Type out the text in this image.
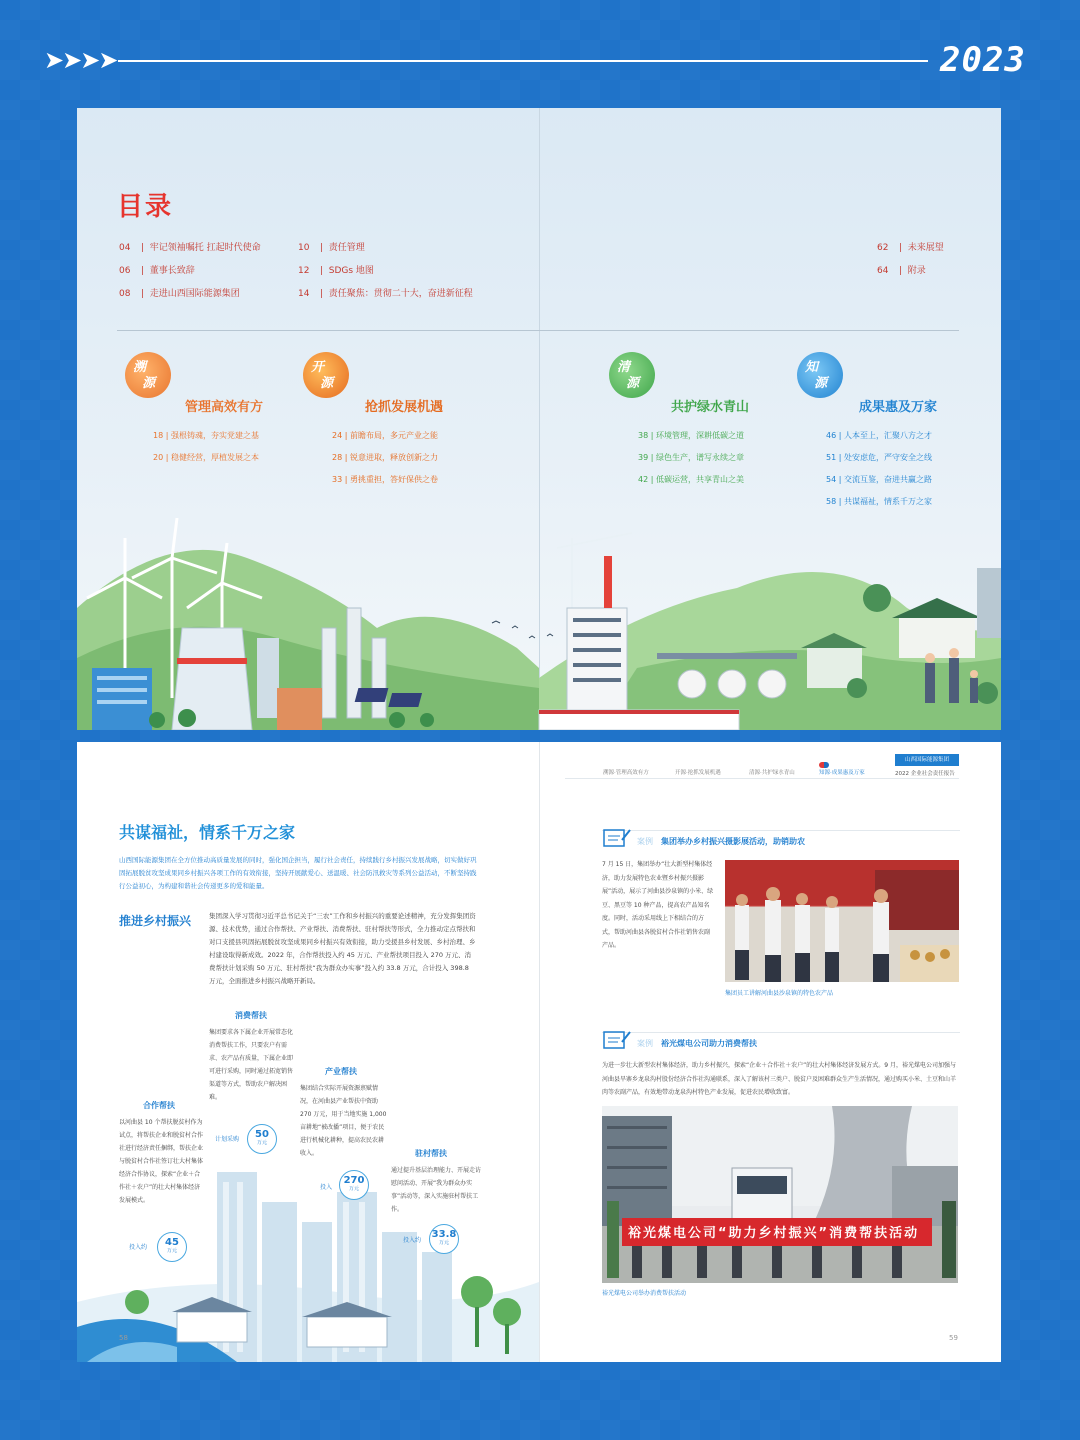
➤
➤
➤
➤	2023
目录
04 |  牢记领袖嘱托 扛起时代使命
06 |  董事长致辞
08 |  走进山西国际能源集团
10 |  责任管理
12 |  SDGs 地图
14 |  责任聚焦：贯彻二十大，奋进新征程
62 |  未来展望
64 |  附录
溯
源
管理高效有方
18 | 强根铸魂，夯实党建之基
20 | 稳健经营，厚植发展之本
开
源
抢抓发展机遇
24 | 前瞻布局，多元产业之能
28 | 锐意进取，释放创新之力
33 | 勇挑重担，答好保供之卷
清
源
共护绿水青山
38 | 环境管理，深耕低碳之道
39 | 绿色生产，谱写永续之章
42 | 低碳运营，共享青山之美
知
源
成果惠及万家
46 | 人本至上，汇聚八方之才
51 | 处安虑危，严守安全之线
54 | 交流互鉴，奋进共赢之路
58 | 共谋福祉，情系千万之家
共谋福祉，情系千万之家
山西国际能源集团在全方位推动高质量发展的同时，强化国企担当，履行社会责任，持续践行乡村振兴发展战略，切实做好巩固拓展脱贫攻坚成果同乡村振兴各项工作的有效衔接，坚持开展献爱心、送温暖、社会防汛救灾等系列公益活动，不断坚持践行公益初心，为构建和谐社会传递更多的爱和能量。
推进乡村振兴	集团深入学习贯彻习近平总书记关于“三农”工作和乡村振兴的重要论述精神，充分发挥集团资源、技术优势，通过合作帮扶、产业帮扶、消费帮扶、驻村帮扶等形式，全力推动定点帮扶和对口支援县巩固拓展脱贫攻坚成果同乡村振兴有效衔接，助力受援县乡村发展、乡村治理、乡村建设取得新成效。2022 年，合作帮扶投入约 45 万元、产业帮扶项目投入 270 万元、消费帮扶计划采购 50 万元、驻村帮扶“我为群众办实事”投入约 33.8 万元，合计投入 398.8 万元，全面推进乡村振兴战略开新局。
消费帮扶
集团要求各下属企业开展常态化消费帮扶工作，只要农户有需求、农产品有质量，下属企业即可进行采购，同时通过拓宽销售渠道等方式，帮助农户解决困难。
计划采购	50
万元
合作帮扶
以河曲县 10 个帮扶脱贫村作为试点，将帮扶企业和脱贫村合作社进行经济责任捆绑，帮扶企业与脱贫村合作社签订壮大村集体经济合作协议，探索“企业＋合作社＋农户”的壮大村集体经济发展模式。
投入约	45
万元
产业帮扶
集团结合实际开展资源禀赋情况，在河曲县产业帮扶中资助 270 万元，用于当地实施 1,000 亩耕地“被改播”项目，便于农民进行机械化耕种，提高农民农耕收入。
投入
270
万元
驻村帮扶
通过提升基层治理能力、开展走访慰问活动、开展“我为群众办实事”活动等，深入实施驻村帮扶工作。
投入约
33.8
万元
58
溯源·管理高效有方	开源·抢抓发展机遇	清源·共护绿水青山	知源·成果惠及万家
山西国际能源集团
2022 企业社会责任报告
案例 集团举办乡村振兴摄影展活动，助销助农
7 月 15 日，集团举办“壮大新型村集体经济，助力发展特色农业暨乡村振兴摄影展”活动，展示了河曲县沙泉镇的小米、绿豆、黑豆等 10 种产品，提高农产品知名度。同时，活动采用线上下相结合的方式，帮助河曲县各脱贫村合作社销售农副产品。
集团员工讲解河曲县沙泉镇的特色农产品
案例 裕光煤电公司助力消费帮扶
为进一步壮大新型农村集体经济，助力乡村振兴，探索“企业＋合作社＋农户”的壮大村集体经济发展方式。9 月，裕光煤电公司加强与河曲县旱寨乡龙泉沟村股份经济合作社沟通联系，深入了解该村三类户、脱贫户及困难群众生产生活情况，通过购买小米、土豆和山羊肉等农副产品，有效地带动龙泉沟村特色产业发展，促进农民增收致富。
裕光煤电公司“助力乡村振兴”消费帮扶活动
裕光煤电公司举办消费帮扶活动
59
